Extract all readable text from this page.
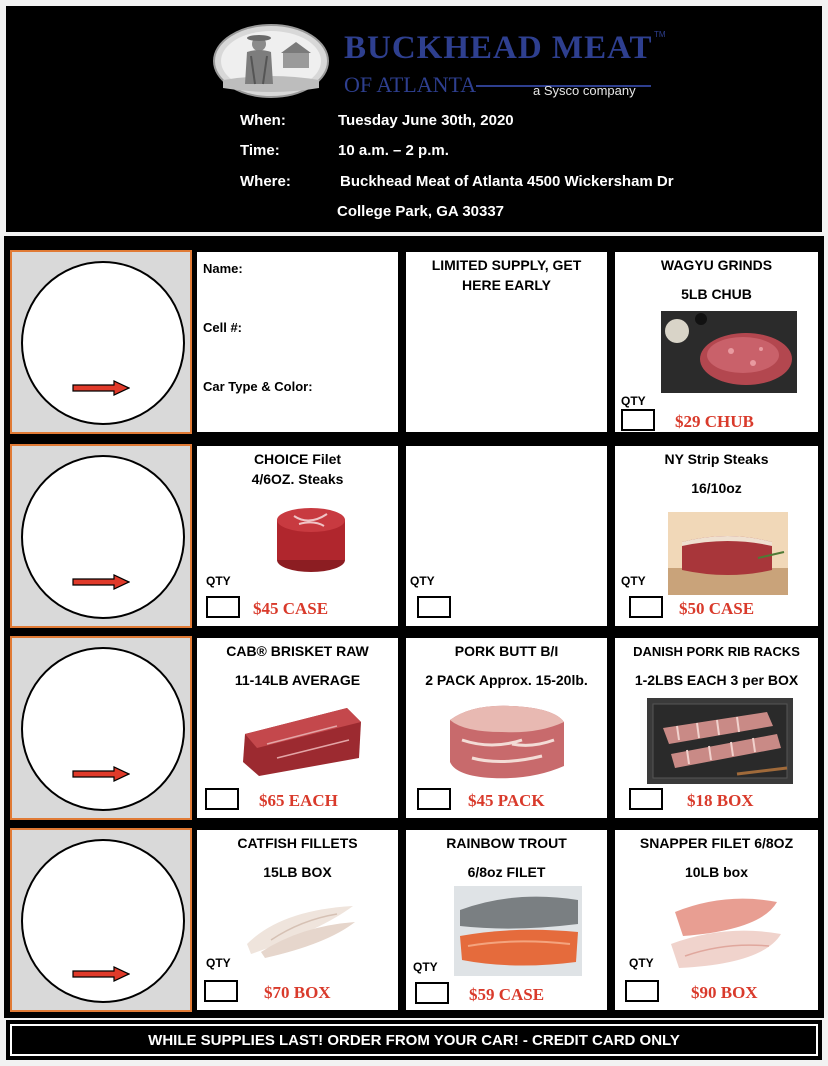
BUCKHEAD MEAT TM
OF ATLANTA	a Sysco company
When:	Tuesday June 30th, 2020
Time:	10 a.m. – 2 p.m.
Where:	Buckhead Meat of Atlanta 4500 Wickersham Dr
College Park, GA 30337
Name:
Cell #:
Car Type & Color:
LIMITED SUPPLY, GET
HERE EARLY
WAGYU GRINDS
5LB CHUB
QTY
$29 CHUB
CHOICE Filet
4/6OZ. Steaks
QTY
$45 CASE
QTY
NY Strip Steaks
16/10oz
QTY
$50 CASE
CAB® BRISKET RAW
11-14LB AVERAGE
$65 EACH
PORK BUTT B/I
2 PACK Approx. 15-20lb.
$45 PACK
DANISH PORK RIB RACKS
1-2LBS EACH 3 per BOX
$18 BOX
CATFISH FILLETS
15LB BOX
QTY
$70 BOX
RAINBOW TROUT
6/8oz FILET
QTY
$59 CASE
SNAPPER FILET 6/8OZ
10LB box
QTY
$90 BOX
WHILE SUPPLIES LAST! ORDER FROM YOUR CAR! - CREDIT CARD ONLY
